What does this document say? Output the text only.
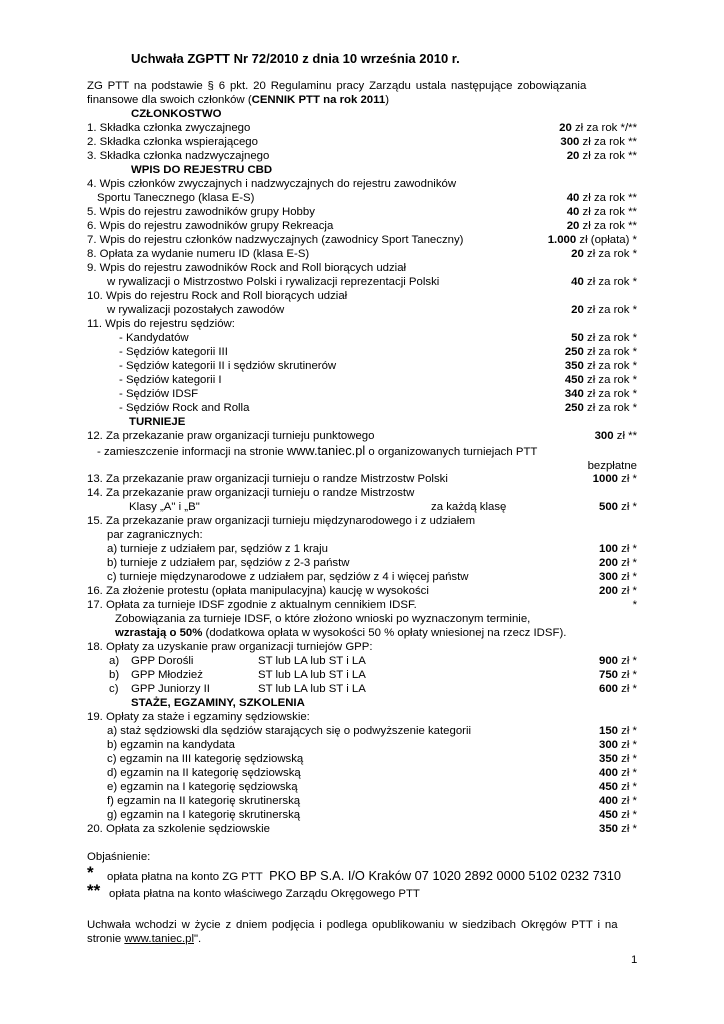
Uchwała ZGPTT Nr 72/2010 z dnia 10 września 2010 r.
ZG PTT na podstawie § 6 pkt. 20 Regulaminu pracy Zarządu ustala następujące zobowiązania
finansowe dla swoich członków (CENNIK PTT na rok 2011)
CZŁONKOSTWO
1. Składka członka zwyczajnego	20 zł za rok */**
2. Składka członka wspierającego	300 zł za rok **
3. Składka członka nadzwyczajnego	20 zł za rok **
WPIS DO REJESTRU CBD
4. Wpis członków zwyczajnych i nadzwyczajnych do rejestru zawodników
Sportu Tanecznego (klasa E-S)	40 zł za rok **
5. Wpis do rejestru zawodników grupy Hobby	40 zł za rok **
6. Wpis do rejestru zawodników grupy Rekreacja	20 zł za rok **
7. Wpis do rejestru członków nadzwyczajnych (zawodnicy Sport Taneczny)	1.000 zł (opłata) *
8. Opłata za wydanie numeru ID (klasa E-S)	20 zł za rok *
9. Wpis do rejestru zawodników Rock and Roll biorących udział
w rywalizacji o Mistrzostwo Polski i rywalizacji reprezentacji Polski	40 zł za rok *
10. Wpis do rejestru Rock and Roll biorących udział
w rywalizacji pozostałych zawodów	20 zł za rok *
11. Wpis do rejestru sędziów:
- Kandydatów	50 zł za rok *
- Sędziów kategorii III	250 zł za rok *
- Sędziów kategorii II i sędziów skrutinerów	350 zł za rok *
- Sędziów kategorii I	450 zł za rok *
- Sędziów IDSF	340 zł za rok *
- Sędziów Rock and Rolla	250 zł za rok *
TURNIEJE
12. Za przekazanie praw organizacji turnieju punktowego	300 zł **
- zamieszczenie informacji na stronie www.taniec.pl o organizowanych turniejach PTT
bezpłatne
13. Za przekazanie praw organizacji turnieju o randze Mistrzostw Polski	1000 zł *
14. Za przekazanie praw organizacji turnieju o randze Mistrzostw
Klasy „A" i „B"	za każdą klasę	500 zł *
15. Za przekazanie praw organizacji turnieju międzynarodowego i z udziałem
par zagranicznych:
a) turnieje z udziałem par, sędziów z 1 kraju	100 zł *
b) turnieje z udziałem par, sędziów z 2-3 państw	200 zł *
c) turnieje międzynarodowe z udziałem par, sędziów z 4 i więcej państw	300 zł *
16. Za złożenie protestu (opłata manipulacyjna) kaucję w wysokości	200 zł *
17. Opłata za turnieje IDSF zgodnie z aktualnym cennikiem IDSF.	*
Zobowiązania za turnieje IDSF, o które złożono wnioski po wyznaczonym terminie,
wzrastają o 50% (dodatkowa opłata w wysokości 50 % opłaty wniesionej na rzecz IDSF).
18. Opłaty za uzyskanie praw organizacji turniejów GPP:
a) GPP Dorośli	ST lub LA lub ST i LA	900 zł *
b) GPP Młodzież	ST lub LA lub ST i LA	750 zł *
c) GPP Juniorzy II	ST lub LA lub ST i LA	600 zł *
STAŻE, EGZAMINY, SZKOLENIA
19. Opłaty za staże i egzaminy sędziowskie:
a) staż sędziowski dla sędziów starających się o podwyższenie kategorii	150 zł *
b) egzamin na kandydata	300 zł *
c) egzamin na III kategorię sędziowską	350 zł *
d) egzamin na II kategorię sędziowską	400 zł *
e) egzamin na I kategorię sędziowską	450 zł *
f) egzamin na II kategorię skrutinerską	400 zł *
g) egzamin na I kategorię skrutinerską	450 zł *
20. Opłata za szkolenie sędziowskie	350 zł *
Objaśnienie:
* opłata płatna na konto ZG PTT PKO BP S.A. I/O Kraków 07 1020 2892 0000 5102 0232 7310
** opłata płatna na konto właściwego Zarządu Okręgowego PTT
Uchwała wchodzi w życie z dniem podjęcia i podlega opublikowaniu w siedzibach Okręgów PTT i na
stronie www.taniec.pl".
1
